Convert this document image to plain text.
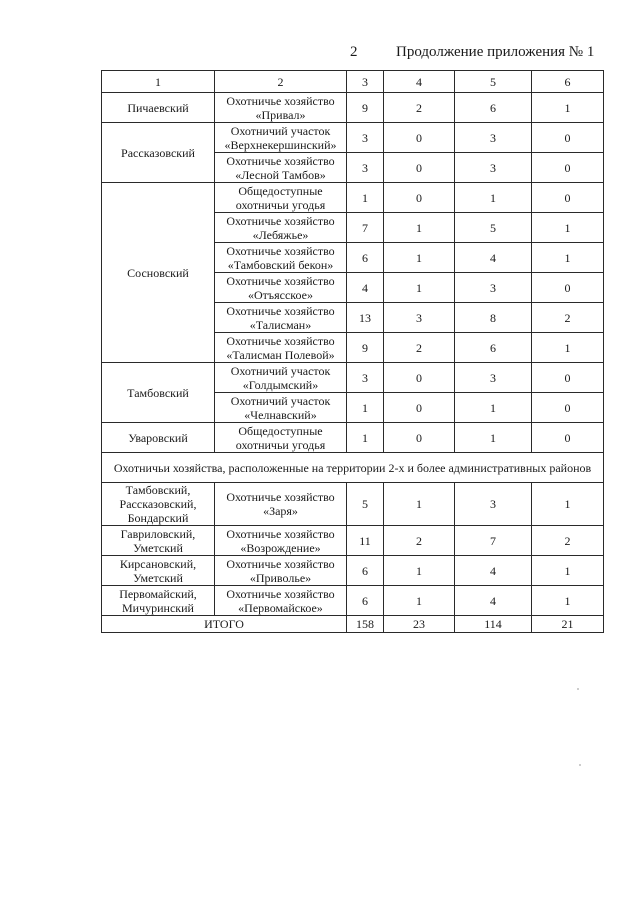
2	Продолжение приложения № 1
1	2	3	4	5	6
Пичаевский	Охотничье хозяйство «Привал»	9	2	6	1
Рассказовский	Охотничий участок «Верхнекершинский»	3	0	3	0
	Охотничье хозяйство «Лесной Тамбов»	3	0	3	0
Сосновский	Общедоступные охотничьи угодья	1	0	1	0
	Охотничье хозяйство «Лебяжье»	7	1	5	1
	Охотничье хозяйство «Тамбовский бекон»	6	1	4	1
	Охотничье хозяйство «Отъясское»	4	1	3	0
	Охотничье хозяйство «Талисман»	13	3	8	2
	Охотничье хозяйство «Талисман Полевой»	9	2	6	1
Тамбовский	Охотничий участок «Голдымский»	3	0	3	0
	Охотничий участок «Челнавский»	1	0	1	0
Уваровский	Общедоступные охотничьи угодья	1	0	1	0
Охотничьи хозяйства, расположенные на территории 2-х и более административных районов					
Тамбовский, Рассказовский, Бондарский	Охотничье хозяйство «Заря»	5	1	3	1
Гавриловский, Уметский	Охотничье хозяйство «Возрождение»	11	2	7	2
Кирсановский, Уметский	Охотничье хозяйство «Приволье»	6	1	4	1
Первомайский, Мичуринский	Охотничье хозяйство «Первомайское»	6	1	4	1
ИТОГО		158	23	114	21
